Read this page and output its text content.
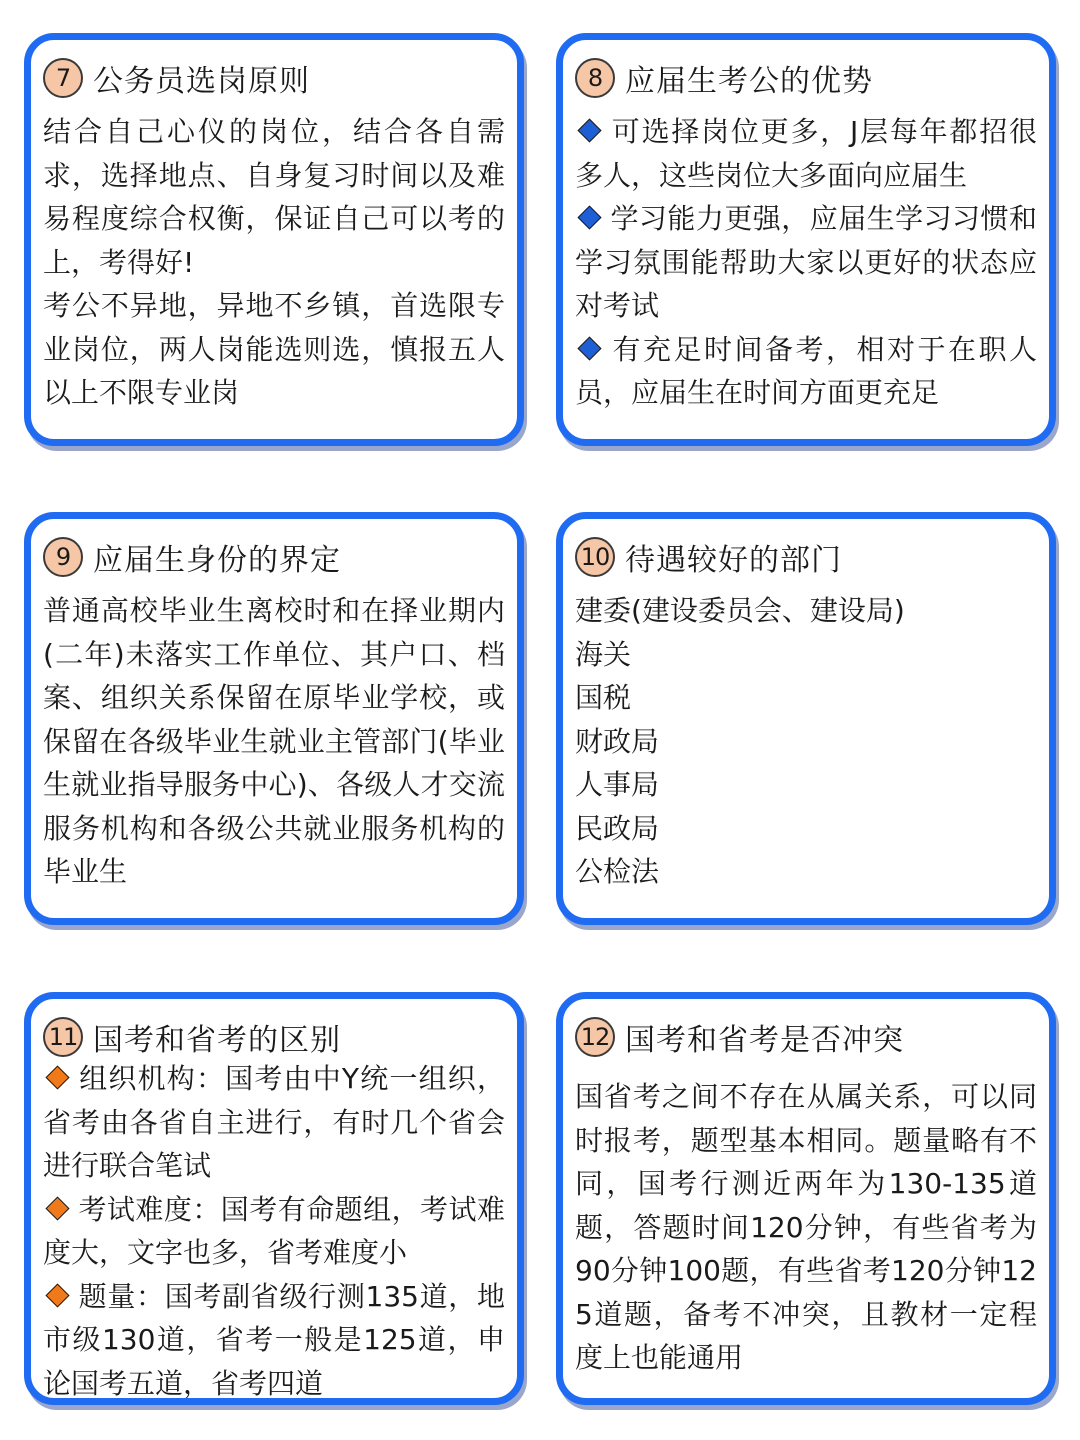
7 公务员选岗原则

结合自己心仪的岗位，结合各自需求，选择地点、自身复习时间以及难易程度综合权衡，保证自己可以考的上，考得好!

考公不异地，异地不乡镇，首选限专业岗位，两人岗能选则选，慎报五人以上不限专业岗

8 应届生考公的优势

可选择岗位更多，J层每年都招很多人，这些岗位大多面向应届生

学习能力更强，应届生学习习惯和学习氛围能帮助大家以更好的状态应对考试

有充足时间备考，相对于在职人员，应届生在时间方面更充足

9 应届生身份的界定

普通高校毕业生离校时和在择业期内(二年)未落实工作单位、其户口、档案、组织关系保留在原毕业学校，或保留在各级毕业生就业主管部门(毕业生就业指导服务中心)、各级人才交流服务机构和各级公共就业服务机构的毕业生

10 待遇较好的部门

建委(建设委员会、建设局)

海关

国税

财政局

人事局

民政局

公检法

11 国考和省考的区别

组织机构：国考由中Y统一组织，省考由各省自主进行，有时几个省会进行联合笔试

考试难度：国考有命题组，考试难度大，文字也多，省考难度小

题量：国考副省级行测135道，地市级130道，省考一般是125道，申论国考五道，省考四道

12 国考和省考是否冲突

国省考之间不存在从属关系，可以同时报考，题型基本相同。题量略有不同，国考行测近两年为130-135道题，答题时间120分钟，有些省考为90分钟100题，有些省考120分钟125道题，备考不冲突，且教材一定程度上也能通用
